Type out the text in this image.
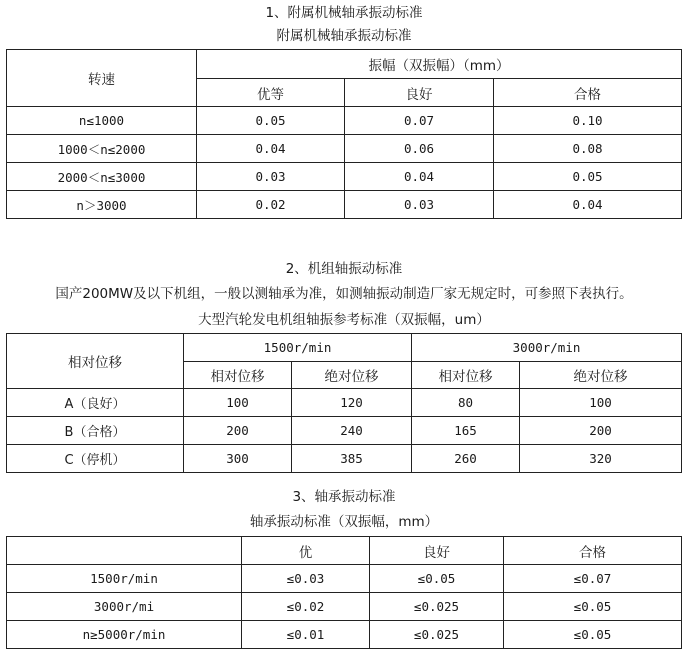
1、附属机械轴承振动标准
附属机械轴承振动标准
转速	振幅（双振幅）（mm）		
	优等	良好	合格
n≤1000	0.05	0.07	0.10
1000＜n≤2000	0.04	0.06	0.08
2000＜n≤3000	0.03	0.04	0.05
n＞3000	0.02	0.03	0.04
2、机组轴振动标准
国产200MW及以下机组，一般以测轴承为准，如测轴振动制造厂家无规定时，可参照下表执行。
大型汽轮发电机组轴振参考标准（双振幅，um）
相对位移	1500r/min		3000r/min	
	相对位移	绝对位移	相对位移	绝对位移
A（良好）	100	120	80	100
B（合格）	200	240	165	200
C（停机）	300	385	260	320
3、轴承振动标准
轴承振动标准（双振幅，mm）
	优	良好	合格
1500r/min	≤0.03	≤0.05	≤0.07
3000r/mi	≤0.02	≤0.025	≤0.05
n≥5000r/min	≤0.01	≤0.025	≤0.05
